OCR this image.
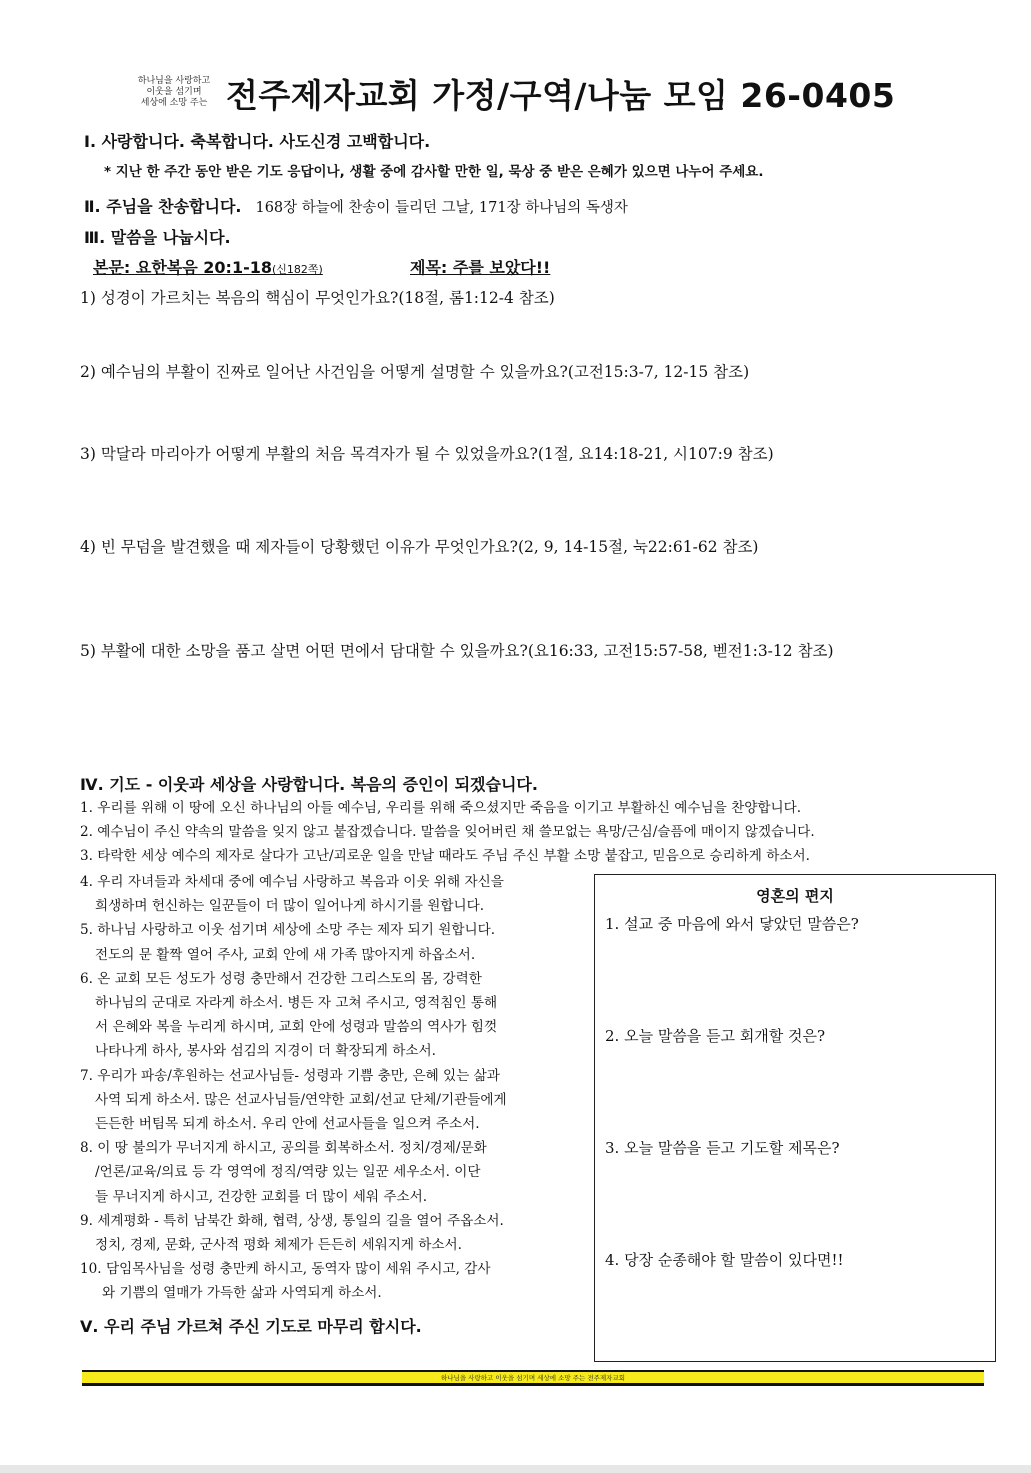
하나님을 사랑하고
이웃을 섬기며
세상에 소망 주는 전주제자교회 가정/구역/나눔 모임 26-0405
Ⅰ. 사랑합니다. 축복합니다. 사도신경 고백합니다.
* 지난 한 주간 동안 받은 기도 응답이나, 생활 중에 감사할 만한 일, 묵상 중 받은 은혜가 있으면 나누어 주세요.
Ⅱ. 주님을 찬송합니다. 168장 하늘에 찬송이 들리던 그날, 171장 하나님의 독생자
Ⅲ. 말씀을 나눕시다.
본문: 요한복음 20:1-18(신182쪽)	제목: 주를 보았다!!
1) 성경이 가르치는 복음의 핵심이 무엇인가요?(18절, 롬1:12-4 참조)
2) 예수님의 부활이 진짜로 일어난 사건임을 어떻게 설명할 수 있을까요?(고전15:3-7, 12-15 참조)
3) 막달라 마리아가 어떻게 부활의 처음 목격자가 될 수 있었을까요?(1절, 요14:18-21, 시107:9 참조)
4) 빈 무덤을 발견했을 때 제자들이 당황했던 이유가 무엇인가요?(2, 9, 14-15절, 눅22:61-62 참조)
5) 부활에 대한 소망을 품고 살면 어떤 면에서 담대할 수 있을까요?(요16:33, 고전15:57-58, 벧전1:3-12 참조)
Ⅳ. 기도 - 이웃과 세상을 사랑합니다. 복음의 증인이 되겠습니다.
1. 우리를 위해 이 땅에 오신 하나님의 아들 예수님, 우리를 위해 죽으셨지만 죽음을 이기고 부활하신 예수님을 찬양합니다.
2. 예수님이 주신 약속의 말씀을 잊지 않고 붙잡겠습니다. 말씀을 잊어버린 채 쓸모없는 욕망/근심/슬픔에 매이지 않겠습니다.
3. 타락한 세상 예수의 제자로 살다가 고난/괴로운 일을 만날 때라도 주님 주신 부활 소망 붙잡고, 믿음으로 승리하게 하소서.
4. 우리 자녀들과 차세대 중에 예수님 사랑하고 복음과 이웃 위해 자신을
희생하며 헌신하는 일꾼들이 더 많이 일어나게 하시기를 원합니다.
5. 하나님 사랑하고 이웃 섬기며 세상에 소망 주는 제자 되기 원합니다.
전도의 문 활짝 열어 주사, 교회 안에 새 가족 많아지게 하옵소서.
6. 온 교회 모든 성도가 성령 충만해서 건강한 그리스도의 몸, 강력한
하나님의 군대로 자라게 하소서. 병든 자 고쳐 주시고, 영적침인 통해
서 은혜와 복을 누리게 하시며, 교회 안에 성령과 말씀의 역사가 힘껏
나타나게 하사, 봉사와 섬김의 지경이 더 확장되게 하소서.
7. 우리가 파송/후원하는 선교사님들- 성령과 기쁨 충만, 은혜 있는 삶과
사역 되게 하소서. 많은 선교사님들/연약한 교회/선교 단체/기관들에게
든든한 버팀목 되게 하소서. 우리 안에 선교사들을 일으켜 주소서.
8. 이 땅 불의가 무너지게 하시고, 공의를 회복하소서. 정치/경제/문화
/언론/교육/의료 등 각 영역에 정직/역량 있는 일꾼 세우소서. 이단
들 무너지게 하시고, 건강한 교회를 더 많이 세워 주소서.
9. 세계평화 - 특히 남북간 화해, 협력, 상생, 통일의 길을 열어 주옵소서.
정치, 경제, 문화, 군사적 평화 체제가 든든히 세워지게 하소서.
10. 담임목사님을 성령 충만케 하시고, 동역자 많이 세워 주시고, 감사
와 기쁨의 열매가 가득한 삶과 사역되게 하소서.
Ⅴ. 우리 주님 가르쳐 주신 기도로 마무리 합시다.
영혼의 편지
1. 설교 중 마음에 와서 닿았던 말씀은?
2. 오늘 말씀을 듣고 회개할 것은?
3. 오늘 말씀을 듣고 기도할 제목은?
4. 당장 순종해야 할 말씀이 있다면!!
하나님을 사랑하고 이웃을 섬기며 세상에 소망 주는 전주제자교회
